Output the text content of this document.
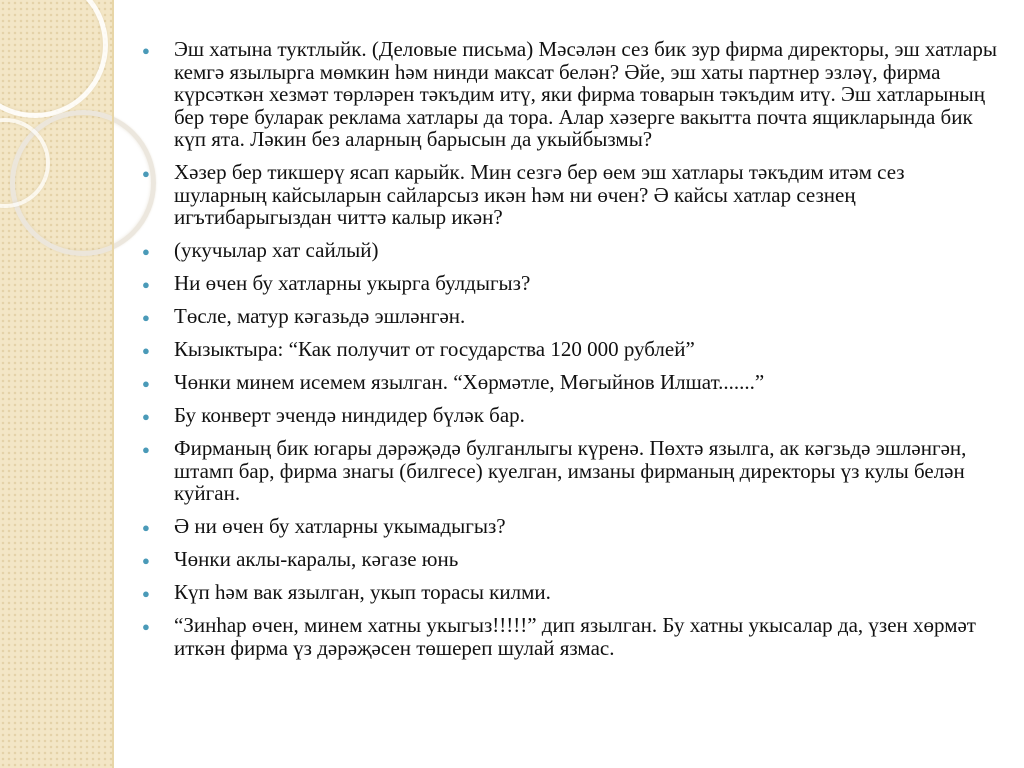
● Эш хатына туктлыйк. (Деловые письма) Мәсәлән сез бик зур фирма директоры, эш хатлары кемгә язылырга мөмкин һәм нинди максат белән? Әйе, эш хаты партнер эзләү, фирма күрсәткән хезмәт төрләрен тәкъдим итү, яки фирма товарын тәкъдим итү. Эш хатларының бер төре буларак реклама хатлары да тора. Алар хәзерге вакытта почта ящикларында бик күп ята. Ләкин без аларның барысын да укыйбызмы?
● Хәзер бер тикшерү ясап карыйк. Мин сезгә бер өем эш хатлары тәкъдим итәм сез шуларның кайсыларын сайларсыз икән һәм ни өчен? Ә кайсы хатлар сезнең игътибарыгыздан читтә калыр икән?
● (укучылар хат сайлый)
● Ни өчен бу хатларны укырга булдыгыз?
● Төсле, матур кәгазьдә эшләнгән.
● Кызыктыра: “Как получит от государства 120 000 рублей”
● Чөнки минем исемем язылган. “Хөрмәтле, Мөгыйнов Илшат.......”
● Бу конверт эчендә ниндидер бүләк бар.
● Фирманың бик югары дәрәҗәдә булганлыгы күренә. Пөхтә язылга, ак кәгзьдә эшләнгән, штамп бар, фирма знагы (билгесе) куелган, имзаны фирманың директоры үз кулы белән куйган.
● Ә ни өчен бу хатларны укымадыгыз?
● Чөнки аклы-каралы, кәгазе юнь
● Күп һәм вак язылган, укып торасы килми.
● “Зинһар өчен, минем хатны укыгыз!!!!!” дип язылган. Бу хатны укысалар да, үзен хөрмәт иткән фирма үз дәрәҗәсен төшереп шулай язмас.
